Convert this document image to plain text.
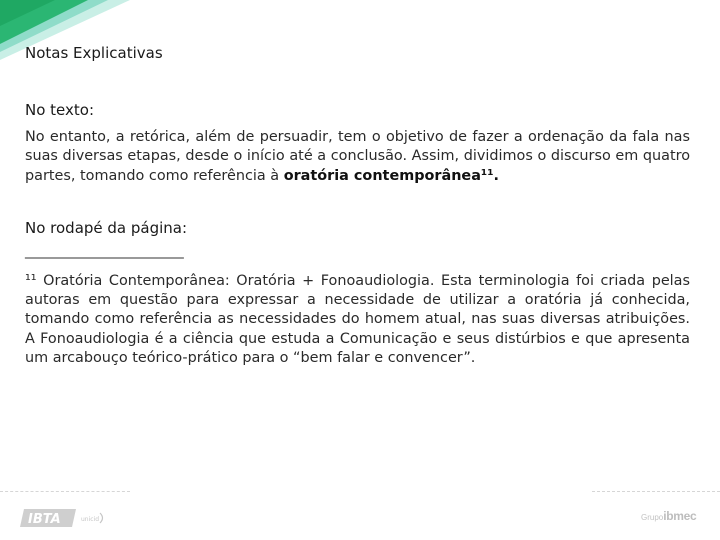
Notas Explicativas
No texto:

No entanto, a retórica, além de persuadir, tem o objetivo de fazer a ordenação da fala nas suas diversas etapas, desde o início até a conclusão. Assim, dividimos o discurso em quatro partes, tomando como referência à oratória contemporânea¹¹.

No rodapé da página:
________________________

¹¹ Oratória Contemporânea: Oratória + Fonoaudiologia. Esta terminologia foi criada pelas autoras em questão para expressar a necessidade de utilizar a oratória já conhecida, tomando como referência as necessidades do homem atual, nas suas diversas atribuições. A Fonoaudiologia é a ciência que estuda a Comunicação e seus distúrbios e que apresenta um arcabouço teórico-prático para o “bem falar e convencer”.

IBTA	unicid	Grupoibmec
